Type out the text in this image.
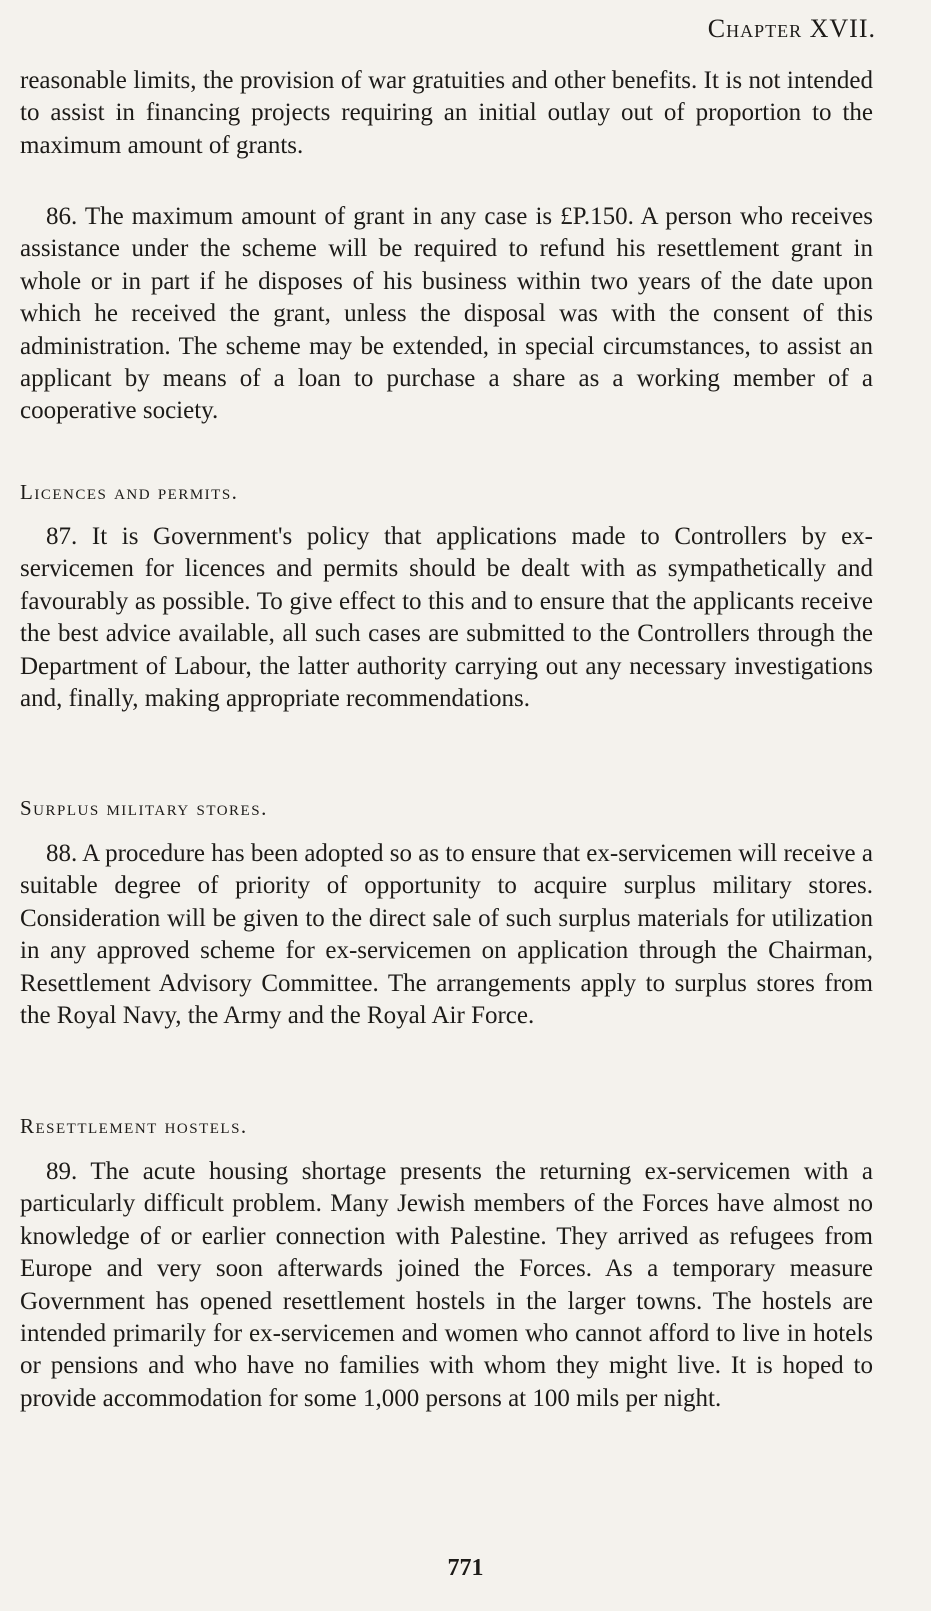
Chapter XVII.

reasonable limits, the provision of war gratuities and other benefits. It is not intended to assist in financing projects requiring an initial outlay out of proportion to the maximum amount of grants.

86. The maximum amount of grant in any case is £P.150. A person who receives assistance under the scheme will be required to refund his resettlement grant in whole or in part if he disposes of his business within two years of the date upon which he received the grant, unless the disposal was with the consent of this administration. The scheme may be extended, in special circumstances, to assist an applicant by means of a loan to purchase a share as a working member of a cooperative society.

Licences and permits.

87. It is Government's policy that applications made to Controllers by ex-servicemen for licences and permits should be dealt with as sympathetically and favourably as possible. To give effect to this and to ensure that the applicants receive the best advice available, all such cases are submitted to the Controllers through the Department of Labour, the latter authority carrying out any necessary investigations and, finally, making appropriate recommendations.

Surplus military stores.

88. A procedure has been adopted so as to ensure that ex-servicemen will receive a suitable degree of priority of opportunity to acquire surplus military stores. Consideration will be given to the direct sale of such surplus materials for utilization in any approved scheme for ex-servicemen on application through the Chairman, Resettlement Advisory Committee. The arrangements apply to surplus stores from the Royal Navy, the Army and the Royal Air Force.

Resettlement hostels.

89. The acute housing shortage presents the returning ex-servicemen with a particularly difficult problem. Many Jewish members of the Forces have almost no knowledge of or earlier connection with Palestine. They arrived as refugees from Europe and very soon afterwards joined the Forces. As a temporary measure Government has opened resettlement hostels in the larger towns. The hostels are intended primarily for ex-servicemen and women who cannot afford to live in hotels or pensions and who have no families with whom they might live. It is hoped to provide accommodation for some 1,000 persons at 100 mils per night.

771
